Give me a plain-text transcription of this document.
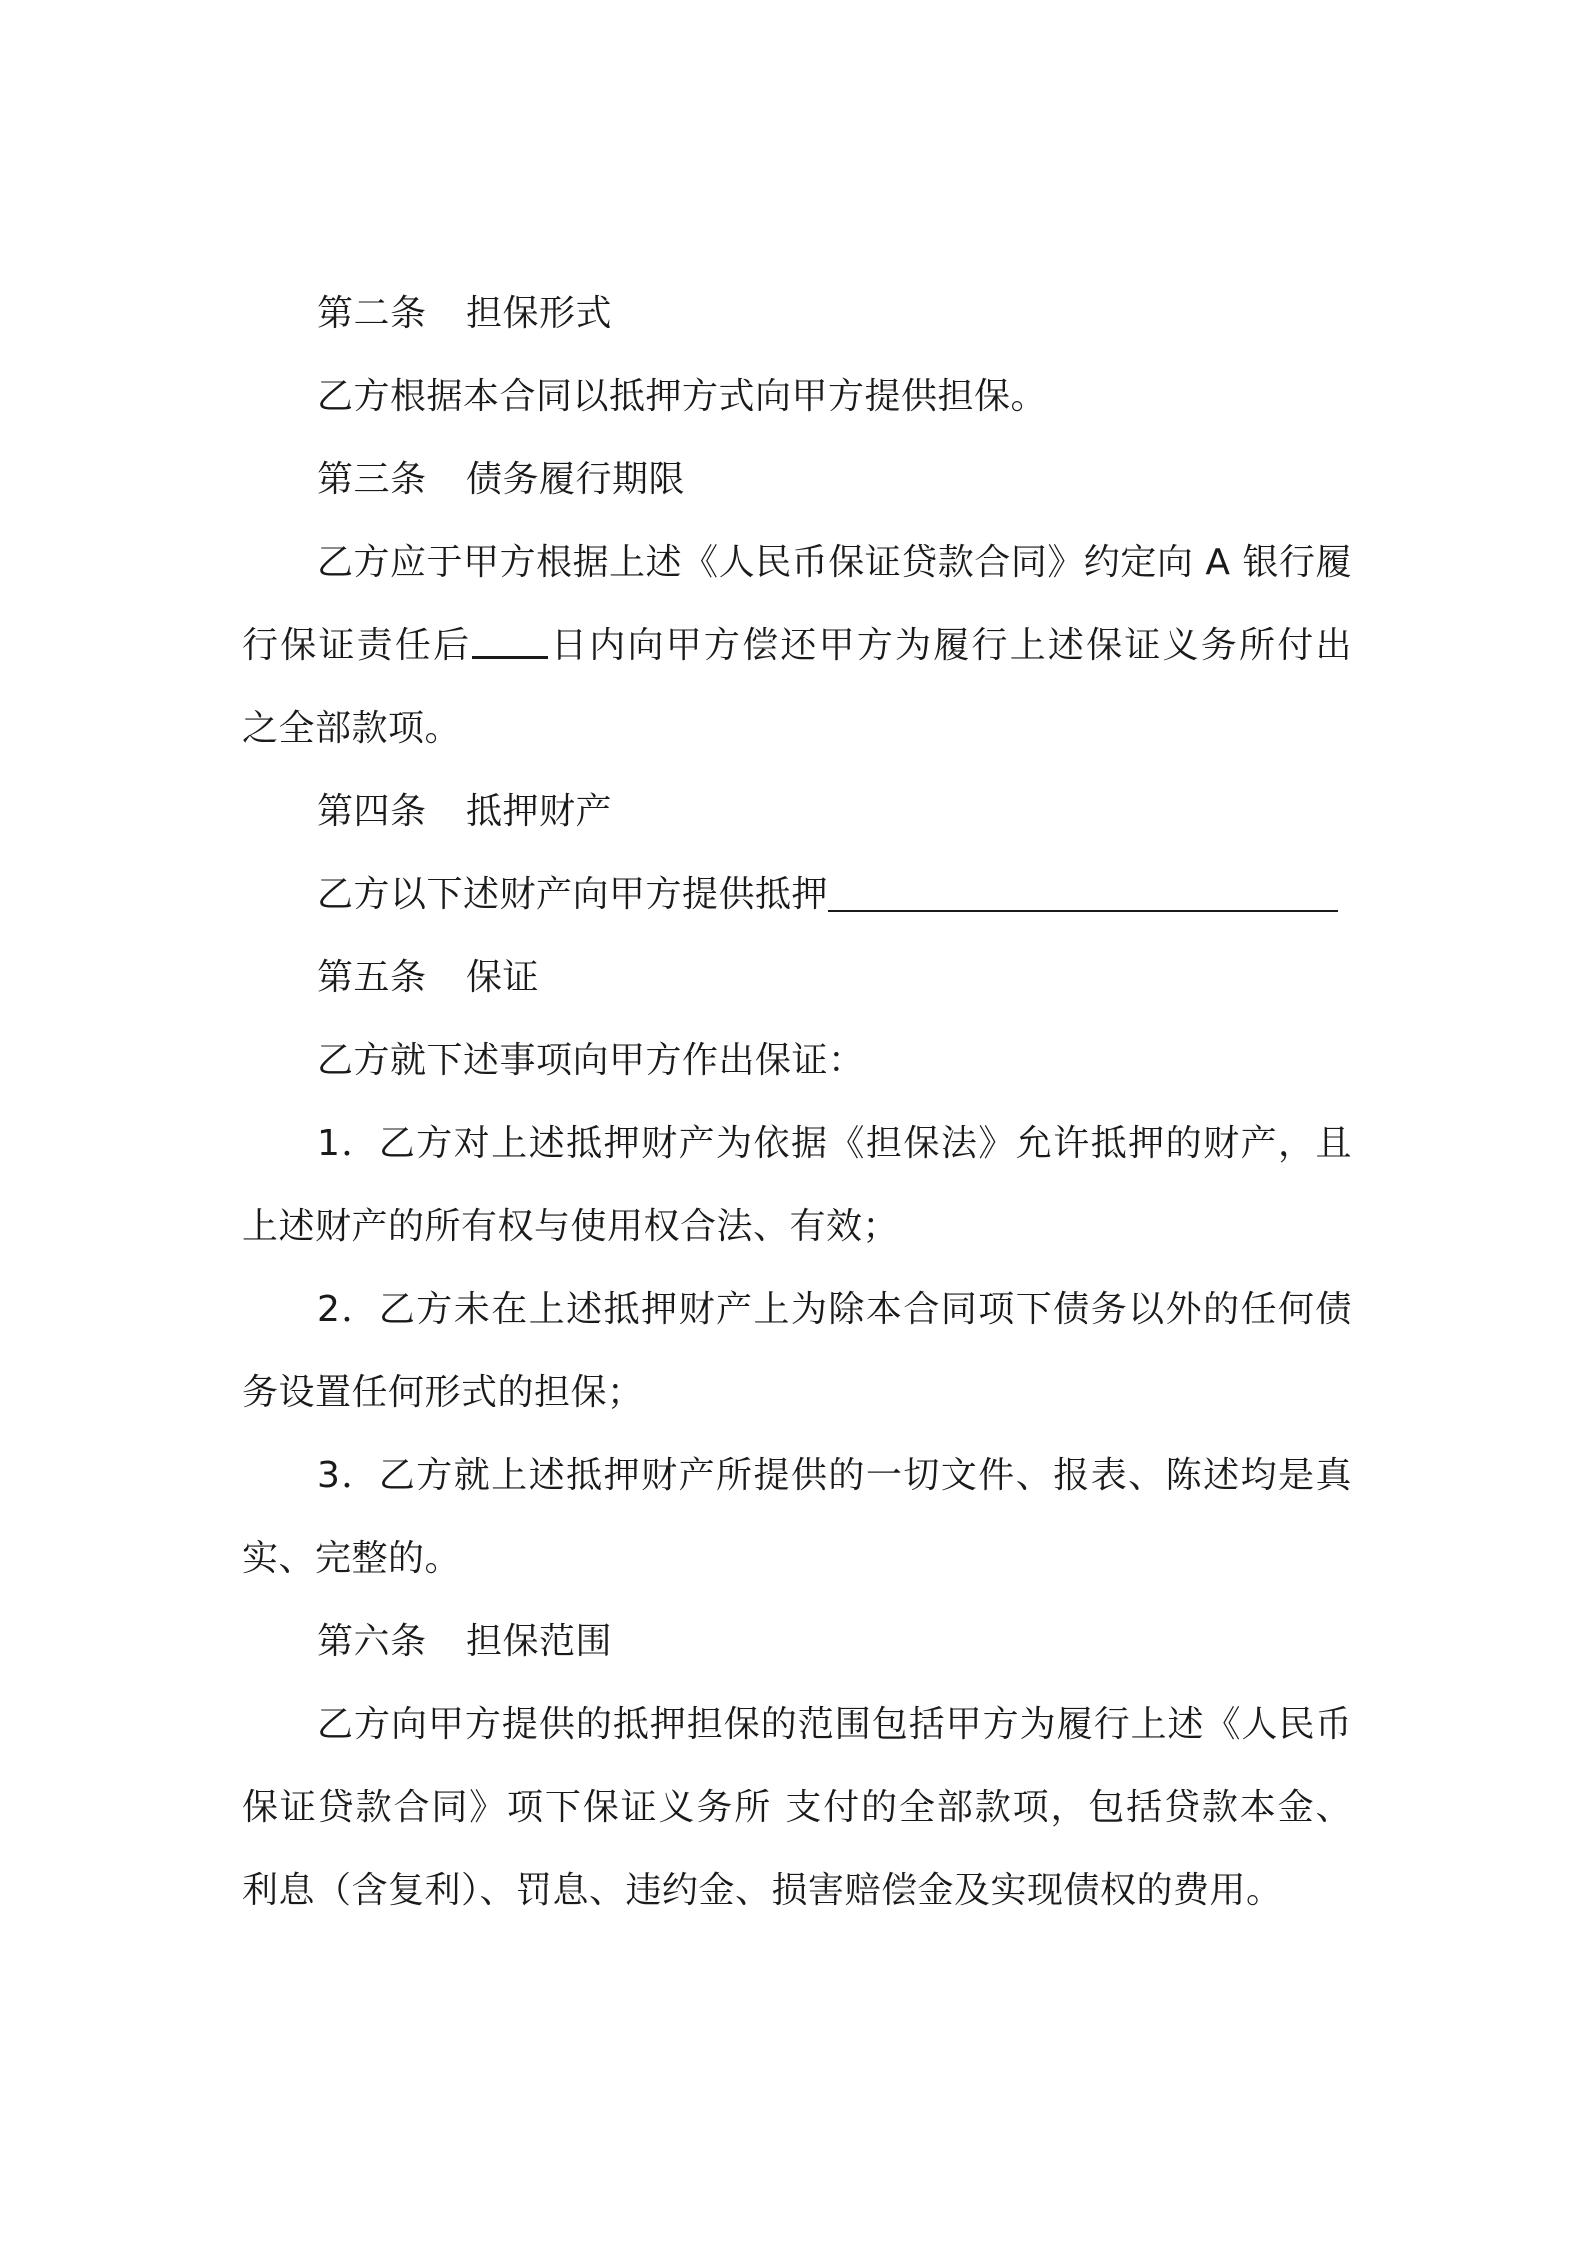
第二条 担保形式
乙方根据本合同以抵押方式向甲方提供担保。
第三条 债务履行期限
乙方应于甲方根据上述《人民币保证贷款合同》约定向 A 银行履
行保证责任后 日内向甲方偿还甲方为履行上述保证义务所付出
之全部款项。
第四条 抵押财产
乙方以下述财产向甲方提供抵押
第五条 保证
乙方就下述事项向甲方作出保证：
1．乙方对上述抵押财产为依据《担保法》允许抵押的财产，且
上述财产的所有权与使用权合法、有效；
2．乙方未在上述抵押财产上为除本合同项下债务以外的任何债
务设置任何形式的担保；
3．乙方就上述抵押财产所提供的一切文件、报表、陈述均是真
实、完整的。
第六条 担保范围
乙方向甲方提供的抵押担保的范围包括甲方为履行上述《人民币
保证贷款合同》项下保证义务所 支付的全部款项，包括贷款本金、
利息（含复利）、罚息、违约金、损害赔偿金及实现债权的费用。
